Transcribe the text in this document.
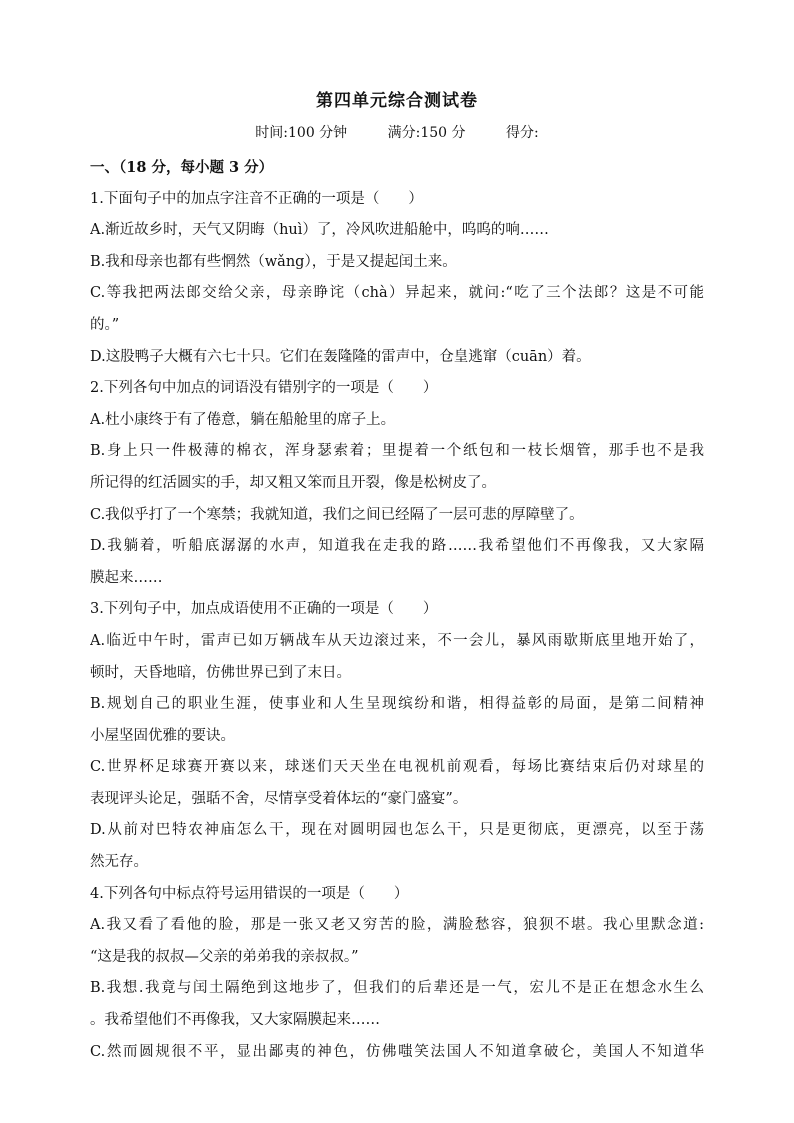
第四单元综合测试卷
时间:100 分钟	满分:150 分	得分:
一、（18 分，每小题 3 分）
1.下面句子中的加点字注音不正确的一项是（　　）
A.渐近故乡时，天气又阴晦（huì）了，冷风吹进船舱中，呜呜的响……
B.我和母亲也都有些惘然（wǎng），于是又提起闰土来。
C.等我把两法郎交给父亲，母亲睁诧（chà）异起来，就问:“吃了三个法郎？这是不可能
的。”
D.这股鸭子大概有六七十只。它们在轰隆隆的雷声中，仓皇逃窜（cuān）着。
2.下列各句中加点的词语没有错别字的一项是（　　）
A.杜小康终于有了倦意，躺在船舱里的席子上。
B.身上只一件极薄的棉衣，浑身瑟索着；里提着一个纸包和一枝长烟管，那手也不是我
所记得的红活圆实的手，却又粗又笨而且开裂，像是松树皮了。
C.我似乎打了一个寒禁；我就知道，我们之间已经隔了一层可悲的厚障壁了。
D.我躺着，听船底潺潺的水声，知道我在走我的路……我希望他们不再像我，又大家隔
膜起来……
3.下列句子中，加点成语使用不正确的一项是（　　）
A.临近中午时，雷声已如万辆战车从天边滚过来，不一会儿，暴风雨歇斯底里地开始了，
顿时，天昏地暗，仿佛世界已到了末日。
B.规划自己的职业生涯，使事业和人生呈现缤纷和谐，相得益彰的局面，是第二间精神
小屋坚固优雅的要诀。
C.世界杯足球赛开赛以来，球迷们天天坐在电视机前观看，每场比赛结束后仍对球星的
表现评头论足，强聒不舍，尽情享受着体坛的“豪门盛宴”。
D.从前对巴特农神庙怎么干，现在对圆明园也怎么干，只是更彻底，更漂亮，以至于荡
然无存。
4.下列各句中标点符号运用错误的一项是（　　）
A.我又看了看他的脸，那是一张又老又穷苦的脸，满脸愁容，狼狈不堪。我心里默念道:
“这是我的叔叔—父亲的弟弟我的亲叔叔。”
B.我想.我竟与闰土隔绝到这地步了，但我们的后辈还是一气，宏儿不是正在想念水生么
。我希望他们不再像我，又大家隔膜起来……
C.然而圆规很不平，显出鄙夷的神色，仿佛嗤笑法国人不知道拿破仑，美国人不知道华
